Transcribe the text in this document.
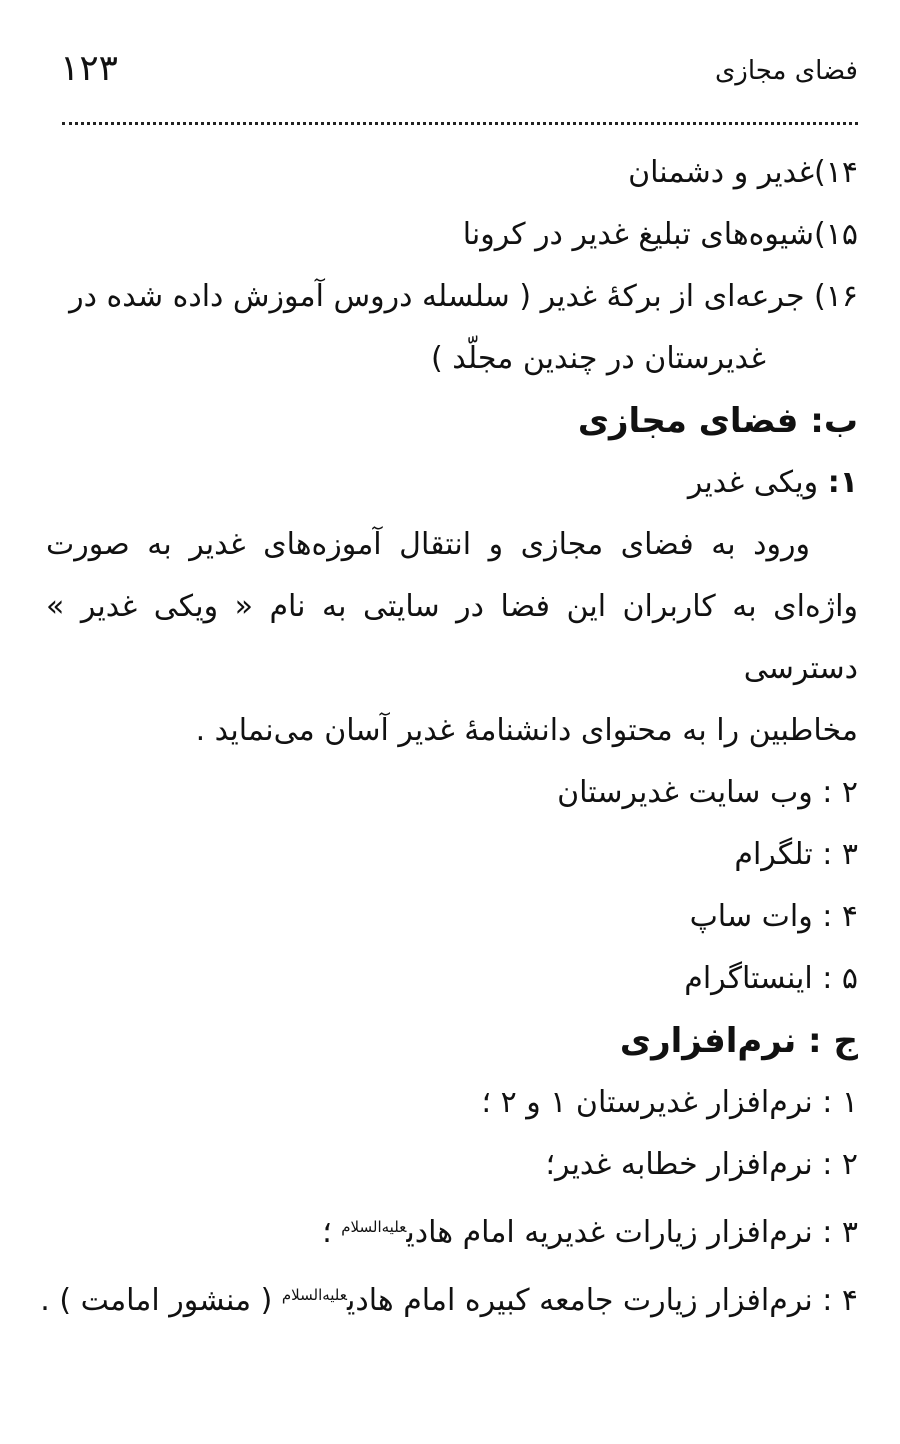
فضای مجازی
۱۲۳
۱۴)غدیر و دشمنان
۱۵)شیوه‌های تبلیغ غدیر در کرونا
۱۶) جرعه‌ای از برکهٔ غدیر ( سلسله دروس آموزش داده شده در
غدیرستان در چندین مجلّد )
ب: فضای مجازی
۱: ویکی غدیر
ورود به فضای مجازی و انتقال آموزه‌های غدیر به صورت
واژه‌ای به کاربران این فضا در سایتی به نام « ویکی غدیر » دسترسی
مخاطبین را به محتوای دانشنامهٔ غدیر آسان می‌نماید .
۲ : وب سایت غدیرستان
۳ : تلگرام
۴ : وات ساپ
۵ : اینستاگرام
ج : نرم‌افزاری
۱ : نرم‌افزار غدیرستان ۱ و ۲ ؛
۲ : نرم‌افزار خطابه غدیر؛
۳ : نرم‌افزار زیارات غدیریه امام هادی$^{علیه‌السلام}$ ؛
۴ : نرم‌افزار زیارت جامعه کبیره امام هادی$^{علیه‌السلام}$ ( منشور امامت ) .
